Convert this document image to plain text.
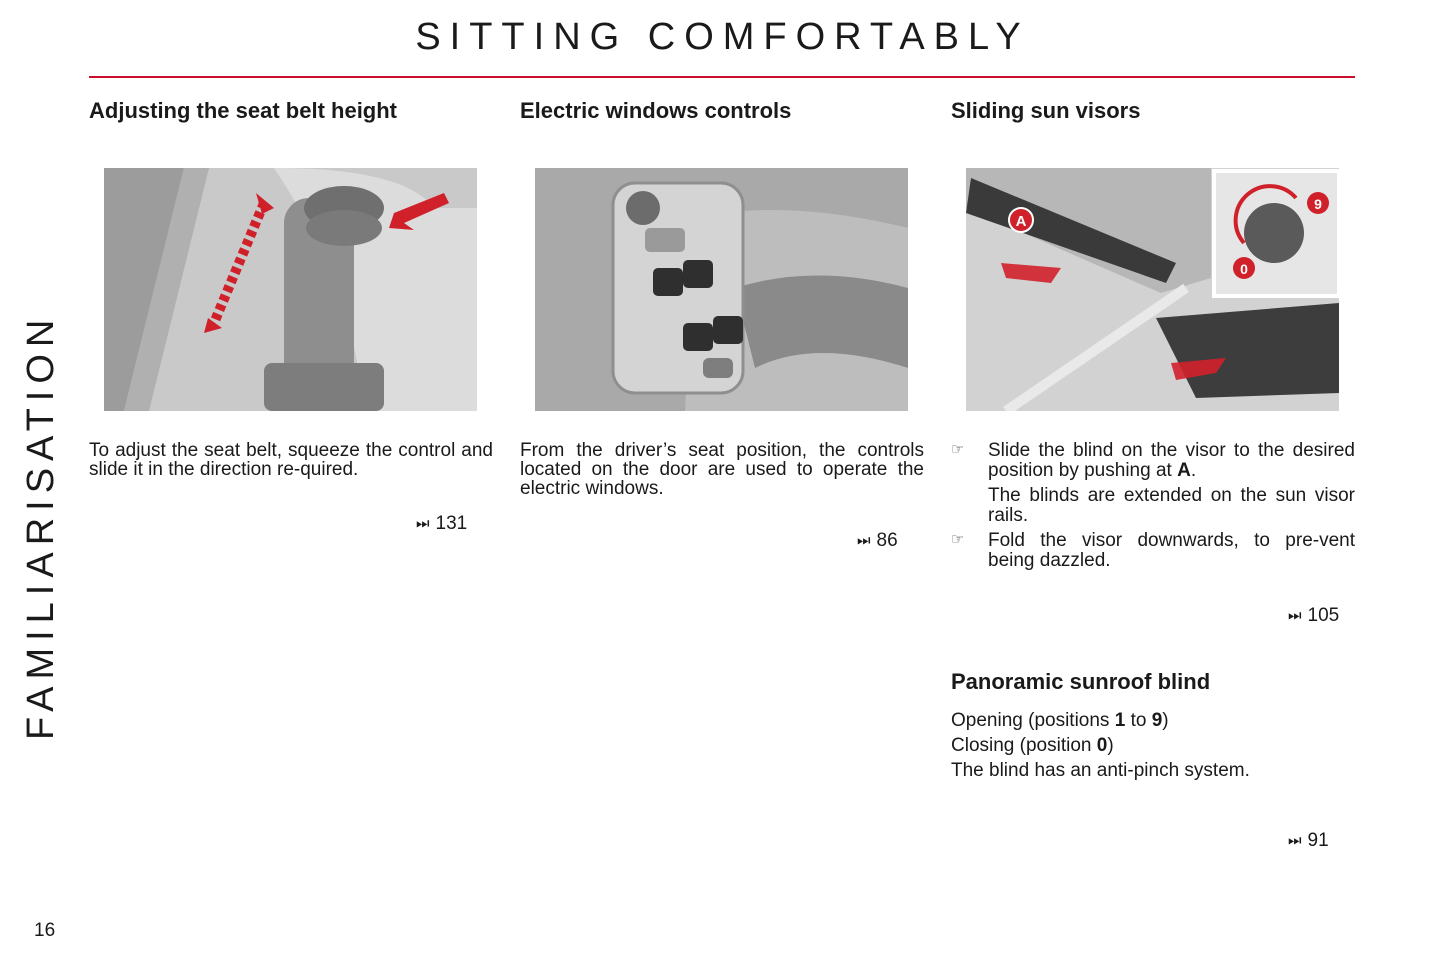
SITTING COMFORTABLY
FAMILIARISATION
16
Adjusting the seat belt height

To adjust the seat belt, squeeze the control and slide it in the direction re-quired.

⏭ 131
Electric windows controls

From the driver’s seat position, the controls located on the door are used to operate the electric windows.

⏭ 86
Sliding sun visors
A
9
0
☞ Slide the blind on the visor to the desired position by pushing at A.

The blinds are extended on the sun visor rails.

☞ Fold the visor downwards, to pre-vent being dazzled.

⏭ 105
Panoramic sunroof blind
Opening (positions 1 to 9)
Closing (position 0)
The blind has an anti-pinch system.
⏭ 91
